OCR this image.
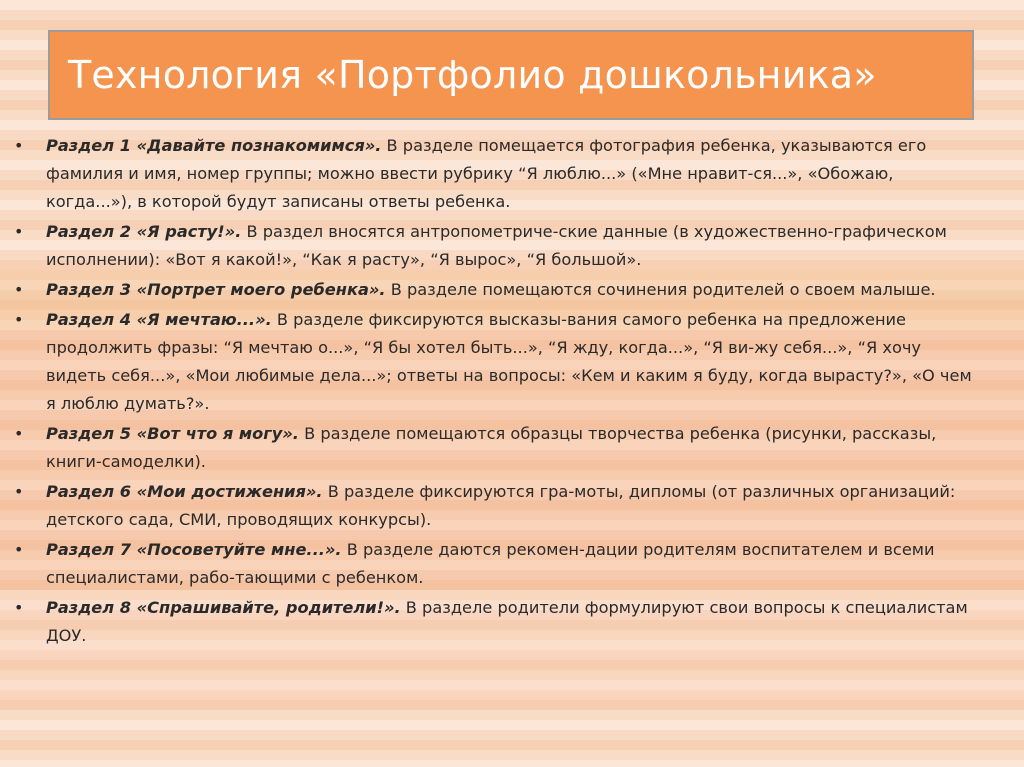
Технология «Портфолио дошкольника»
• Раздел 1 «Давайте познакомимся». В разделе помещается фотография ребенка, указываются его фамилия и имя, номер группы; можно ввести рубрику “Я люблю...» («Мне нравит-ся...», «Обожаю, когда...»), в которой будут записаны ответы ребенка.
• Раздел 2 «Я расту!». В раздел вносятся антропометриче-ские данные (в художественно-графическом исполнении): «Вот я какой!», “Как я расту», “Я вырос», “Я большой».
• Раздел 3 «Портрет моего ребенка». В разделе помещаются сочинения родителей о своем малыше.
• Раздел 4 «Я мечтаю...». В разделе фиксируются высказы-вания самого ребенка на предложение продолжить фразы: “Я мечтаю о...», “Я бы хотел быть...», “Я жду, когда...», “Я ви-жу себя...», “Я хочу видеть себя...», «Мои любимые дела...»; ответы на вопросы: «Кем и каким я буду, когда вырасту?», «О чем я люблю думать?».
• Раздел 5 «Вот что я могу». В разделе помещаются образцы творчества ребенка (рисунки, рассказы, книги-самоделки).
• Раздел 6 «Мои достижения». В разделе фиксируются гра-моты, дипломы (от различных организаций: детского сада, СМИ, проводящих конкурсы).
• Раздел 7 «Посоветуйте мне...». В разделе даются рекомен-дации родителям воспитателем и всеми специалистами, рабо-тающими с ребенком.
• Раздел 8 «Спрашивайте, родители!». В разделе родители формулируют свои вопросы к специалистам ДОУ.
